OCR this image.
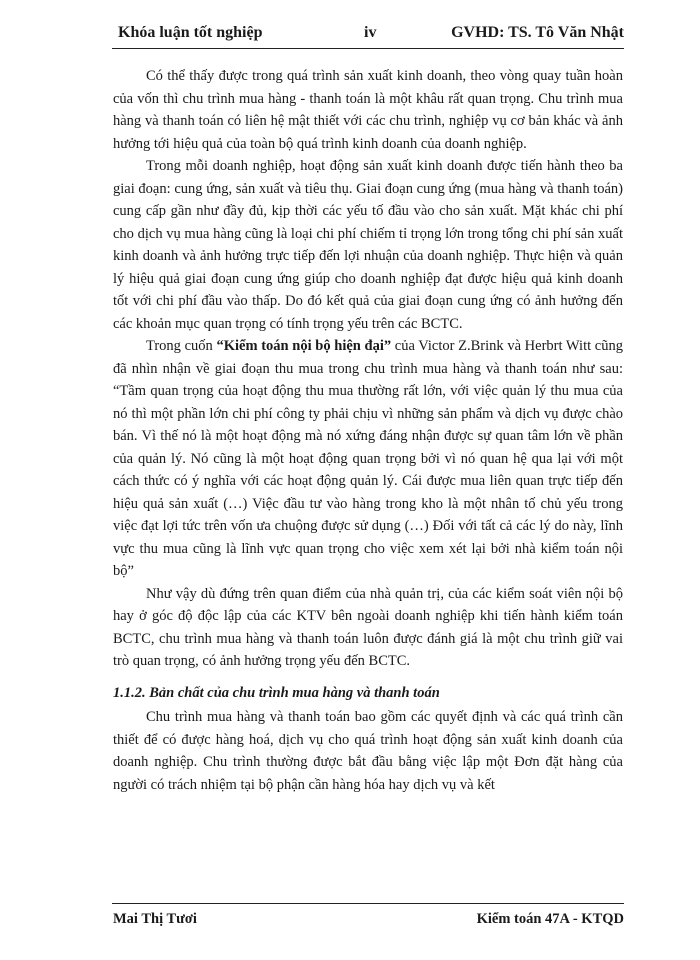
Khóa luận tốt nghiệp	iv	GVHD: TS. Tô Văn Nhật

Có thể thấy được trong quá trình sản xuất kinh doanh, theo vòng quay tuần hoàn của vốn thì chu trình mua hàng - thanh toán là một khâu rất quan trọng. Chu trình mua hàng và thanh toán có liên hệ mật thiết với các chu trình, nghiệp vụ cơ bản khác và ảnh hưởng tới hiệu quả của toàn bộ quá trình kinh doanh của doanh nghiệp.

Trong mỗi doanh nghiệp, hoạt động sản xuất kinh doanh được tiến hành theo ba giai đoạn: cung ứng, sản xuất và tiêu thụ. Giai đoạn cung ứng (mua hàng và thanh toán) cung cấp gần như đầy đủ, kịp thời các yếu tố đầu vào cho sản xuất. Mặt khác chi phí cho dịch vụ mua hàng cũng là loại chi phí chiếm tỉ trọng lớn trong tổng chi phí sản xuất kinh doanh và ảnh hưởng trực tiếp đến lợi nhuận của doanh nghiệp. Thực hiện và quản lý hiệu quả giai đoạn cung ứng giúp cho doanh nghiệp đạt được hiệu quả kinh doanh tốt với chi phí đầu vào thấp. Do đó kết quả của giai đoạn cung ứng có ảnh hưởng đến các khoản mục quan trọng có tính trọng yếu trên các BCTC.

Trong cuốn “Kiểm toán nội bộ hiện đại” của Victor Z.Brink và Herbrt Witt cũng đã nhìn nhận về giai đoạn thu mua trong chu trình mua hàng và thanh toán như sau: “Tầm quan trọng của hoạt động thu mua thường rất lớn, với việc quản lý thu mua của nó thì một phần lớn chi phí công ty phải chịu vì những sản phẩm và dịch vụ được chào bán. Vì thế nó là một hoạt động mà nó xứng đáng nhận được sự quan tâm lớn về phần của quản lý. Nó cũng là một hoạt động quan trọng bởi vì nó quan hệ qua lại với một cách thức có ý nghĩa với các hoạt động quản lý. Cái được mua liên quan trực tiếp đến hiệu quả sản xuất (…) Việc đầu tư vào hàng trong kho là một nhân tố chủ yếu trong việc đạt lợi tức trên vốn ưa chuộng được sử dụng (…) Đối với tất cả các lý do này, lĩnh vực thu mua cũng là lĩnh vực quan trọng cho việc xem xét lại bởi nhà kiểm toán nội bộ”

Như vậy dù đứng trên quan điểm của nhà quản trị, của các kiểm soát viên nội bộ hay ở góc độ độc lập của các KTV bên ngoài doanh nghiệp khi tiến hành kiểm toán BCTC, chu trình mua hàng và thanh toán luôn được đánh giá là một chu trình giữ vai trò quan trọng, có ảnh hưởng trọng yếu đến BCTC.

1.1.2. Bản chất của chu trình mua hàng và thanh toán

Chu trình mua hàng và thanh toán bao gồm các quyết định và các quá trình cần thiết để có được hàng hoá, dịch vụ cho quá trình hoạt động sản xuất kinh doanh của doanh nghiệp. Chu trình thường được bắt đầu bằng việc lập một Đơn đặt hàng của người có trách nhiệm tại bộ phận cần hàng hóa hay dịch vụ và kết

Mai Thị Tươi	Kiểm toán 47A - KTQD
